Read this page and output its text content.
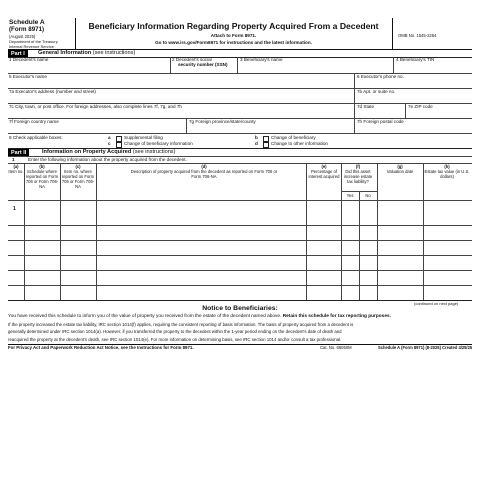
Schedule A
(Form 8971)
(August 2025)
Department of the Treasury
Internal Revenue Service
Beneficiary Information Regarding Property Acquired From a Decedent
Attach to Form 8971.
Go to www.irs.gov/Form8971 for instructions and the latest information.
OMB No. 1545-2264
Part I	General Information (see instructions)
1 Decedent's name	2 Decedent's social
security number (SSN)
3 Beneficiary's name	4 Beneficiary's TIN
5 Executor's name	6 Executor's phone no.
7a Executor's address (number and street)	7b Apt. or suite no.
7c City, town, or post office. For foreign addresses, also complete lines 7f, 7g, and 7h	7d State	7e ZIP code
7f Foreign country name	7g Foreign province/state/county	7h Foreign postal code
8 Check applicable boxes:	a	Supplemental filing	b	Change of beneficiary
c	Change of beneficiary information	d	Change to other information
Part II	Information on Property Acquired (see instructions)
1	Enter the following information about the property acquired from the decedent.
(a)
Item no.
(b)
Schedule where reported on Form 706 or Form 706-NA
(c)
Item no. where reported on Form 706 or Form 706-NA
(d)
Description of property acquired from the decedent as reported on Form 706 or Form 706-NA
(e)
Percentage of interest acquired
(f)
Did this asset increase estate tax liability?
(g)
Valuation date
(h)
Estate tax value (in U.S. dollars)
Yes	No
1
(continued on next page)
Notice to Beneficiaries:
You have received this schedule to inform you of the value of property you received from the estate of the decedent named above. Retain this schedule for tax reporting purposes.
If the property increased the estate tax liability, IRC section 1014(f) applies, requiring the consistent reporting of basis information. The basis of property acquired from a decedent is
generally determined under IRC section 1014(a). However, if you transferred the property to the decedent within the 1-year period ending on the decedent's date of death and
reacquired the property at the decedent's death, see IRC section 1014(e). For more information on determining basis, see IRC section 1014 and/or consult a tax professional.
For Privacy Act and Paperwork Reduction Act Notice, see the Instructions for Form 8971.	Cat. No. 66050M	Schedule A (Form 8971) (8-2025) Created 4/25/25
